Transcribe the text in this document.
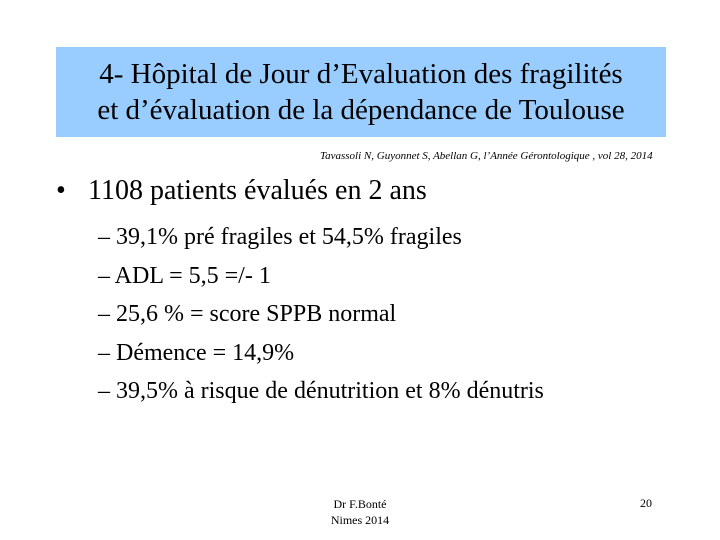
4- Hôpital de Jour d’Evaluation des fragilités
et d’évaluation de la dépendance de Toulouse
Tavassoli N, Guyonnet S, Abellan G, l’Année Gérontologique , vol 28, 2014
• 1108 patients évalués en 2 ans
– 39,1% pré fragiles et 54,5% fragiles
– ADL = 5,5 =/- 1
– 25,6 % = score SPPB normal
– Démence = 14,9%
– 39,5% à risque de dénutrition et 8% dénutris
Dr F.Bonté
Nimes 2014
20
